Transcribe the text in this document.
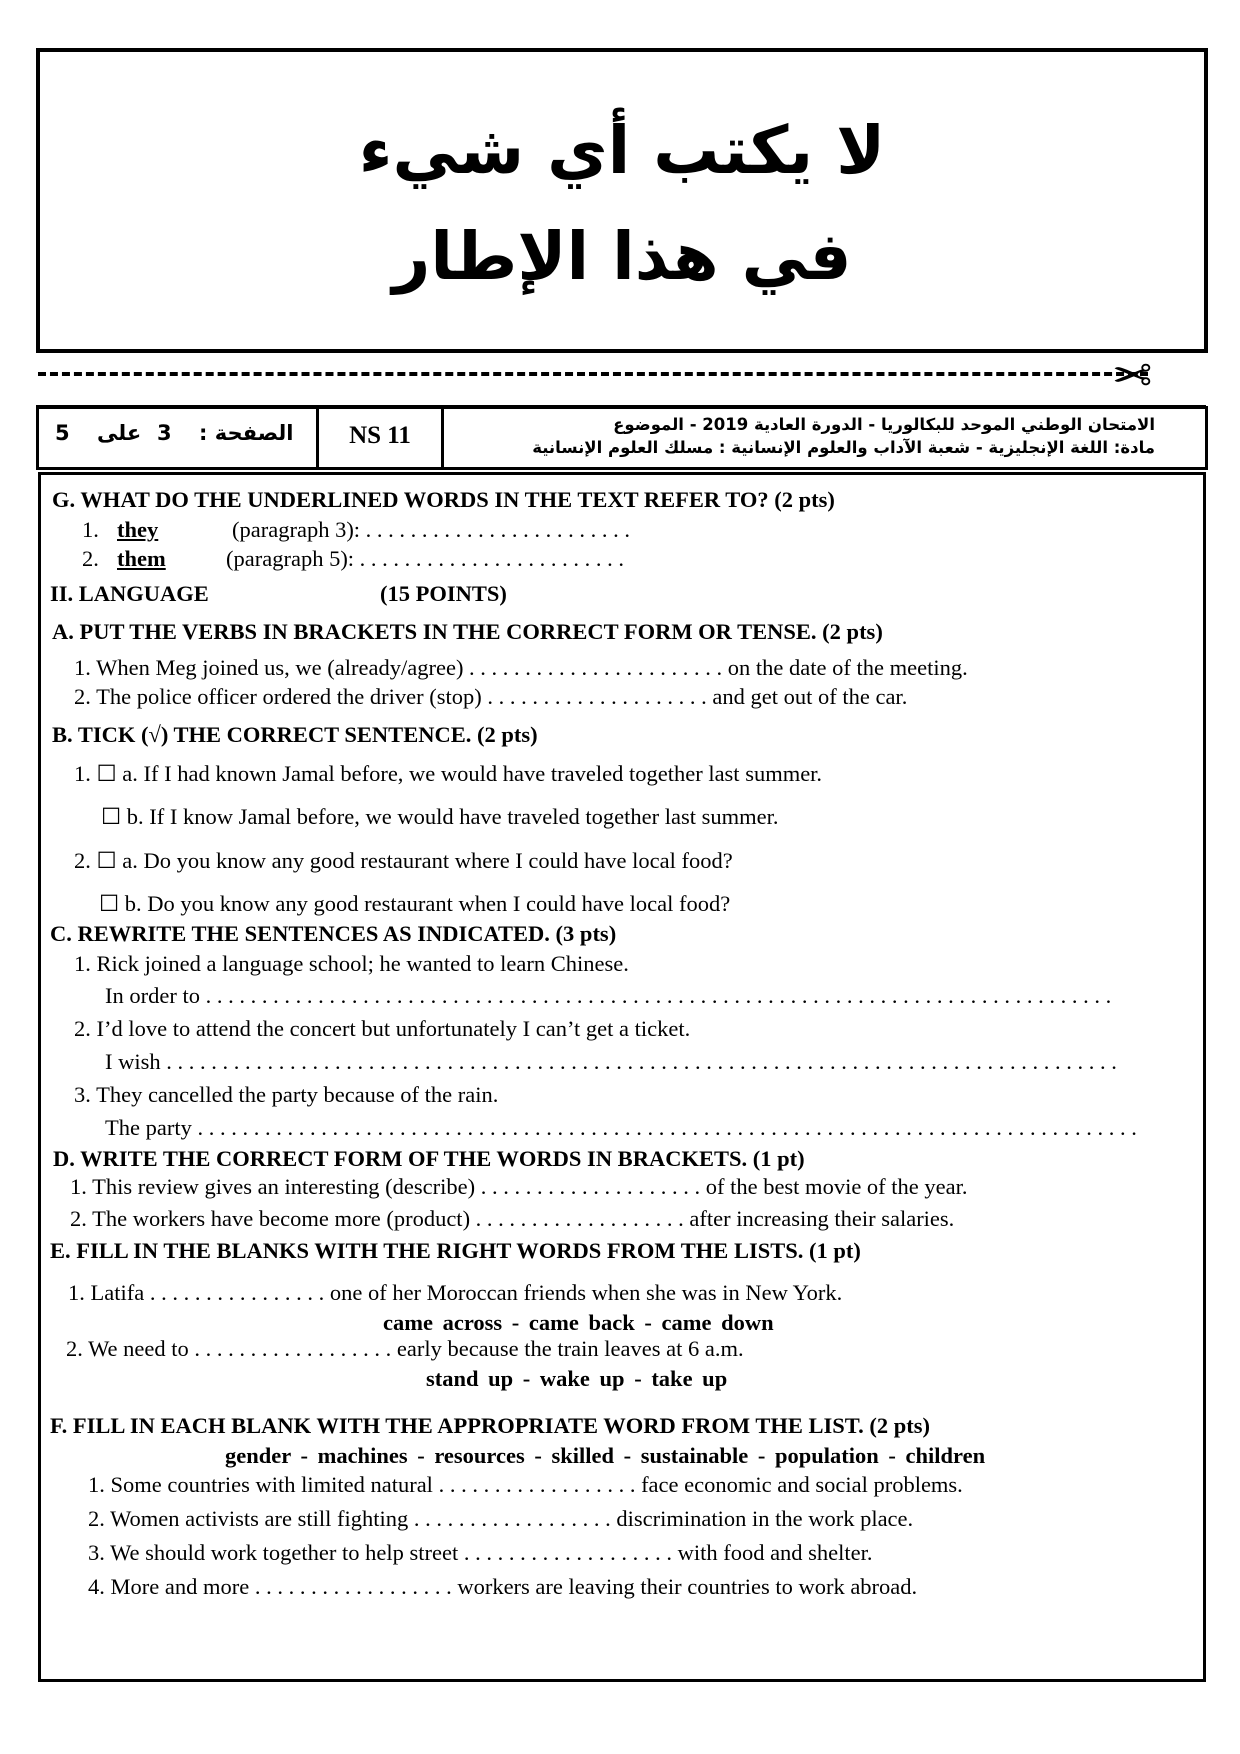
لا يكتب أي شيء
في هذا الإطار
✂
5 على 3 الصفحة :	NS 11	الامتحان الوطني الموحد للبكالوريا - الدورة العادية 2019 - الموضوع
مادة: اللغة الإنجليزية - شعبة الآداب والعلوم الإنسانية : مسلك العلوم الإنسانية
G. WHAT DO THE UNDERLINED WORDS IN THE TEXT REFER TO? (2 pts)
1. they	(paragraph 3): . . . . . . . . . . . . . . . . . . . . . . . .
2. them	(paragraph 5): . . . . . . . . . . . . . . . . . . . . . . . .
II. LANGUAGE	(15 POINTS)
A. PUT THE VERBS IN BRACKETS IN THE CORRECT FORM OR TENSE. (2 pts)
1. When Meg joined us, we (already/agree) . . . . . . . . . . . . . . . . . . . . . . . on the date of the meeting.
2. The police officer ordered the driver (stop) . . . . . . . . . . . . . . . . . . . . and get out of the car.
B. TICK (√) THE CORRECT SENTENCE. (2 pts)
1. ☐ a. If I had known Jamal before, we would have traveled together last summer.
☐ b. If I know Jamal before, we would have traveled together last summer.
2. ☐ a. Do you know any good restaurant where I could have local food?
☐ b. Do you know any good restaurant when I could have local food?
C. REWRITE THE SENTENCES AS INDICATED. (3 pts)
1. Rick joined a language school; he wanted to learn Chinese.
In order to . . . . . . . . . . . . . . . . . . . . . . . . . . . . . . . . . . . . . . . . . . . . . . . . . . . . . . . . . . . . . . . . . . . . . . . . . . . . . . . . .
2. I’d love to attend the concert but unfortunately I can’t get a ticket.
I wish . . . . . . . . . . . . . . . . . . . . . . . . . . . . . . . . . . . . . . . . . . . . . . . . . . . . . . . . . . . . . . . . . . . . . . . . . . . . . . . . . . . . .
3. They cancelled the party because of the rain.
The party . . . . . . . . . . . . . . . . . . . . . . . . . . . . . . . . . . . . . . . . . . . . . . . . . . . . . . . . . . . . . . . . . . . . . . . . . . . . . . . . . . . .
D. WRITE THE CORRECT FORM OF THE WORDS IN BRACKETS. (1 pt)
1. This review gives an interesting (describe) . . . . . . . . . . . . . . . . . . . . of the best movie of the year.
2. The workers have become more (product) . . . . . . . . . . . . . . . . . . . after increasing their salaries.
E. FILL IN THE BLANKS WITH THE RIGHT WORDS FROM THE LISTS. (1 pt)
1. Latifa . . . . . . . . . . . . . . . . one of her Moroccan friends when she was in New York.
came across - came back - came down
2. We need to . . . . . . . . . . . . . . . . . . early because the train leaves at 6 a.m.
stand up - wake up - take up
F. FILL IN EACH BLANK WITH THE APPROPRIATE WORD FROM THE LIST. (2 pts)
gender - machines - resources - skilled - sustainable - population - children
1. Some countries with limited natural . . . . . . . . . . . . . . . . . . face economic and social problems.
2. Women activists are still fighting . . . . . . . . . . . . . . . . . . discrimination in the work place.
3. We should work together to help street . . . . . . . . . . . . . . . . . . . with food and shelter.
4. More and more . . . . . . . . . . . . . . . . . . workers are leaving their countries to work abroad.
